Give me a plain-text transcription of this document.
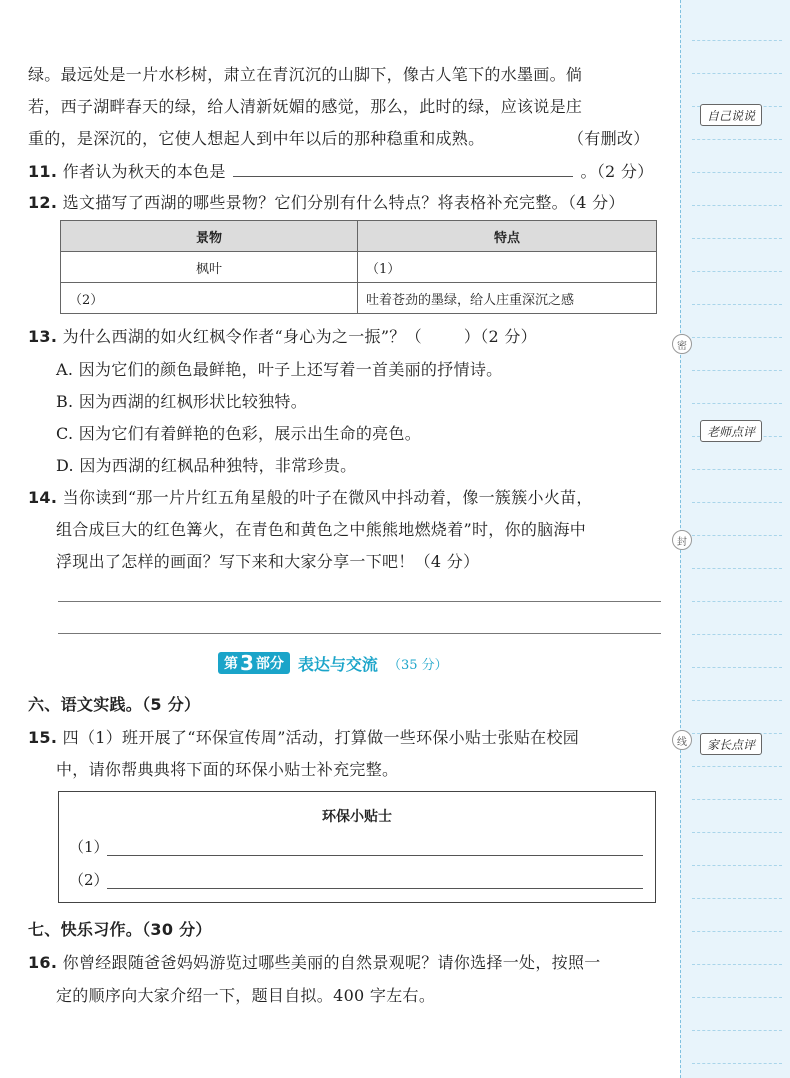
绿。最远处是一片水杉树，肃立在青沉沉的山脚下，像古人笔下的水墨画。倘
若，西子湖畔春天的绿，给人清新妩媚的感觉，那么，此时的绿，应该说是庄
重的，是深沉的，它使人想起人到中年以后的那种稳重和成熟。	（有删改）
11. 作者认为秋天的本色是	。（2 分）
12. 选文描写了西湖的哪些景物？它们分别有什么特点？将表格补充完整。（4 分）
景物	特点
枫叶	（1）
（2）	吐着苍劲的墨绿，给人庄重深沉之感
13. 为什么西湖的如火红枫令作者“身心为之一振”？（	）（2 分）
A. 因为它们的颜色最鲜艳，叶子上还写着一首美丽的抒情诗。
B. 因为西湖的红枫形状比较独特。
C. 因为它们有着鲜艳的色彩，展示出生命的亮色。
D. 因为西湖的红枫品种独特，非常珍贵。
14. 当你读到“那一片片红五角星般的叶子在微风中抖动着，像一簇簇小火苗，
组合成巨大的红色篝火，在青色和黄色之中熊熊地燃烧着”时，你的脑海中
浮现出了怎样的画面？写下来和大家分享一下吧！（4 分）
第 3 部分 表达与交流 （35 分）
六、语文实践。（5 分）
15. 四（1）班开展了“环保宣传周”活动，打算做一些环保小贴士张贴在校园
中，请你帮典典将下面的环保小贴士补充完整。
环保小贴士
（1）
（2）
七、快乐习作。（30 分）
16. 你曾经跟随爸爸妈妈游览过哪些美丽的自然景观呢？请你选择一处，按照一
定的顺序向大家介绍一下，题目自拟。400 字左右。
自己说说
老师点评
家长点评
密
封
线
